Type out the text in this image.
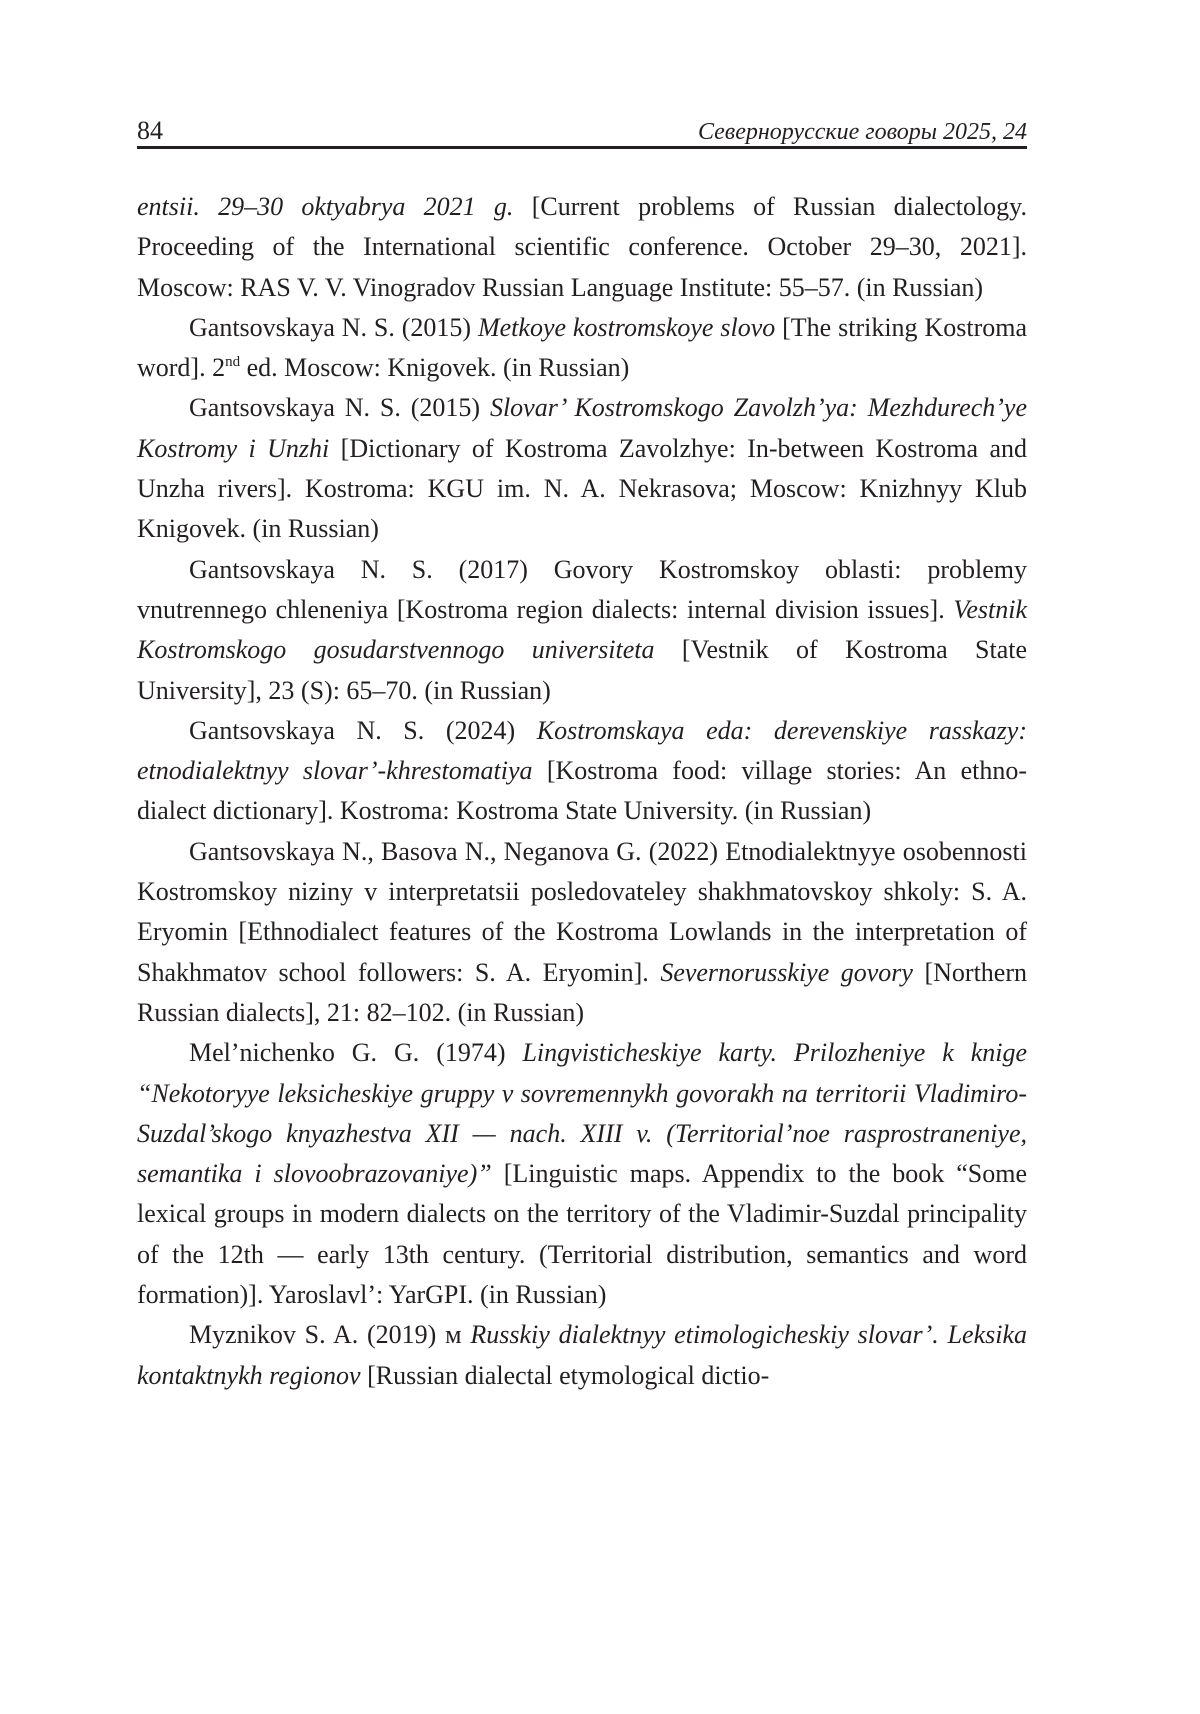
84	Севернорусские говоры 2025, 24

entsii. 29–30 oktyabrya 2021 g. [Current problems of Russian dialectology. Proceeding of the International scientific conference. October 29–30, 2021]. Moscow: RAS V. V. Vinogradov Russian Language Institute: 55–57. (in Russian)

Gantsovskaya N. S. (2015) Metkoye kostromskoye slovo [The striking Kostroma word]. 2nd ed. Moscow: Knigovek. (in Russian)

Gantsovskaya N. S. (2015) Slovar’ Kostromskogo Zavolzh’ya: Mezhdurech’ye Kostromy i Unzhi [Dictionary of Kostroma Zavolzhye: In-between Kostroma and Unzha rivers]. Kostroma: KGU im. N. A. Nekrasova; Moscow: Knizhnyy Klub Knigovek. (in Russian)

Gantsovskaya N. S. (2017) Govory Kostromskoy oblasti: problemy vnutrennego chleneniya [Kostroma region dialects: internal division issues]. Vestnik Kostromskogo gosudarstvennogo universiteta [Vestnik of Kostroma State University], 23 (S): 65–70. (in Russian)

Gantsovskaya N. S. (2024) Kostromskaya eda: derevenskiye rasskazy: etnodialektnyy slovar’-khrestomatiya [Kostroma food: village stories: An ethno-dialect dictionary]. Kostroma: Kostroma State University. (in Russian)

Gantsovskaya N., Basova N., Neganova G. (2022) Etnodialektnyye osobennosti Kostromskoy niziny v interpretatsii posledovateley shakhmatovskoy shkoly: S. A. Eryomin [Ethnodialect features of the Kostroma Lowlands in the interpretation of Shakhmatov school followers: S. A. Eryomin]. Severnorusskiye govory [Northern Russian dialects], 21: 82–102. (in Russian)

Mel’nichenko G. G. (1974) Lingvisticheskiye karty. Prilozheniye k knige “Nekotoryye leksicheskiye gruppy v sovremennykh govorakh na territorii Vladimiro-Suzdal’skogo knyazhestva XII — nach. XIII v. (Territorial’noe rasprostraneniye, semantika i slovoobrazovaniye)” [Linguistic maps. Appendix to the book “Some lexical groups in modern dialects on the territory of the Vladimir-Suzdal principality of the 12th — early 13th century. (Territorial distribution, semantics and word formation)]. Yaroslavl’: YarGPI. (in Russian)

Myznikov S. A. (2019) м Russkiy dialektnyy etimologicheskiy slovar’. Leksika kontaktnykh regionov [Russian dialectal etymological dictio-
